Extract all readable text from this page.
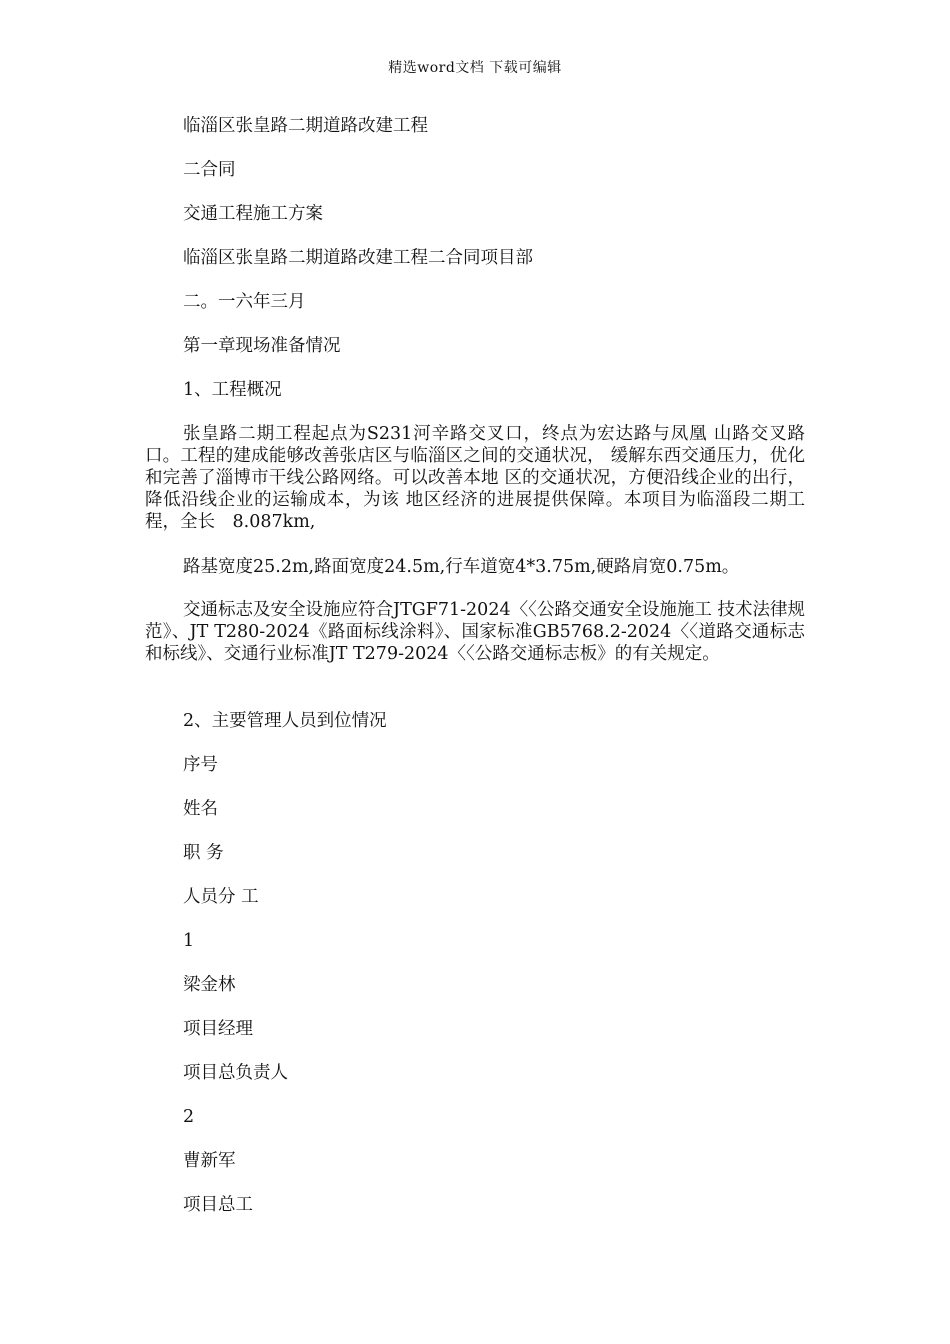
精选word文档 下载可编辑
临淄区张皇路二期道路改建工程
二合同
交通工程施工方案
临淄区张皇路二期道路改建工程二合同项目部
二。一六年三月
第一章现场准备情况
1、工程概况
张皇路二期工程起点为S231河辛路交叉口，终点为宏达路与凤凰 山路交叉路口。工程的建成能够改善张店区与临淄区之间的交通状况， 缓解东西交通压力，优化和完善了淄博市干线公路网络。可以改善本地 区的交通状况，方便沿线企业的出行，降低沿线企业的运输成本，为该 地区经济的进展提供保障。本项目为临淄段二期工程，全长　8.087km,
路基宽度25.2m,路面宽度24.5m,行车道宽4*3.75m,硬路肩宽0.75m。
交通标志及安全设施应符合JTGF71-2024〈〈公路交通安全设施施工 技术法律规范》、JT T280-2024《路面标线涂料》、国家标准GB5768.2-2024〈〈道路交通标志和标线》、交通行业标准JT T279-2024〈〈公路交通标志板》的有关规定。
2、主要管理人员到位情况
序号
姓名
职 务
人员分 工
1
梁金林
项目经理
项目总负责人
2
曹新军
项目总工
